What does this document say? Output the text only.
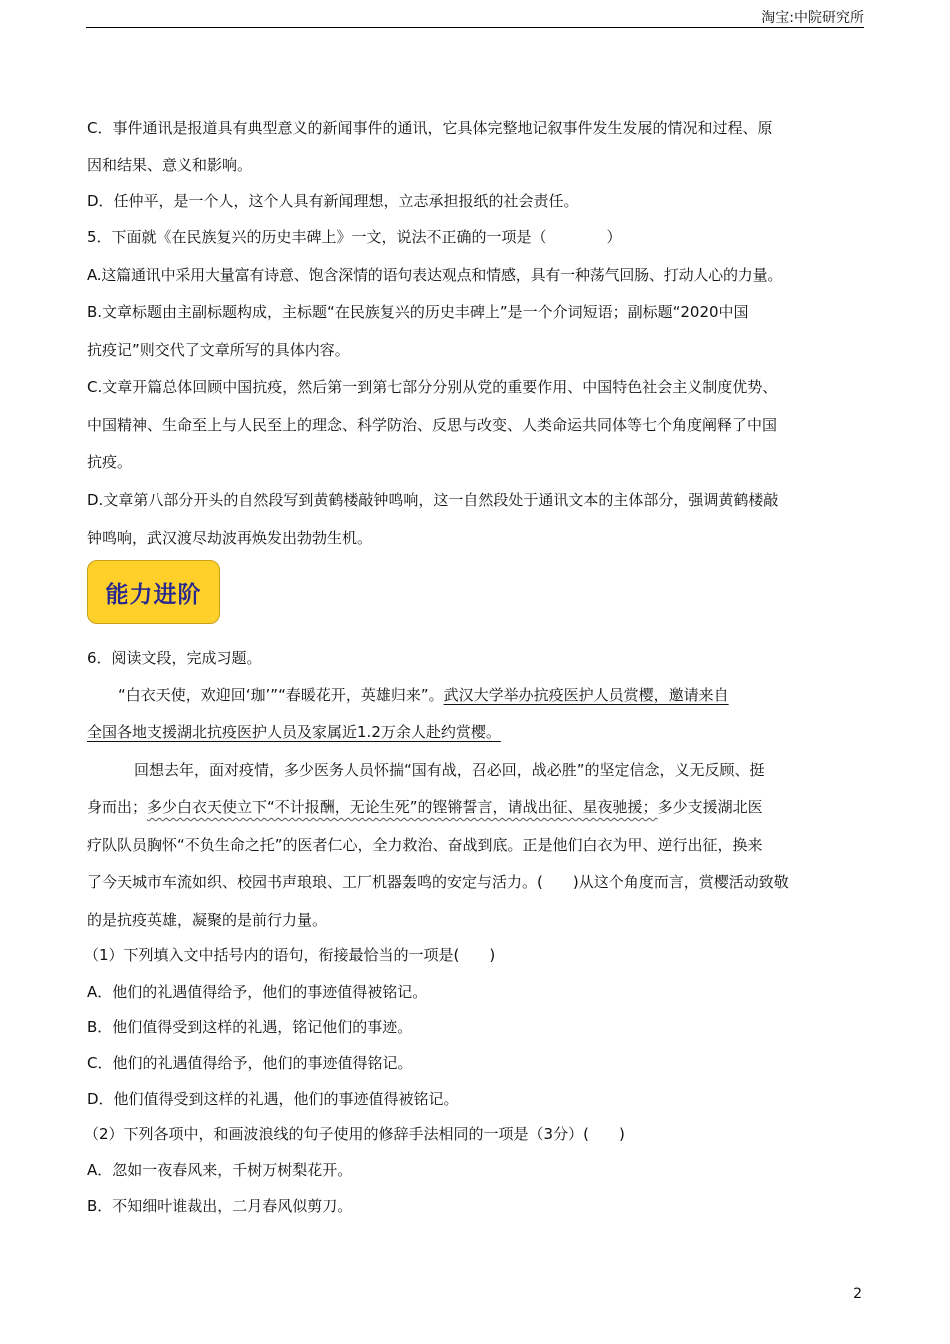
淘宝:中院研究所
C．事件通讯是报道具有典型意义的新闻事件的通讯，它具体完整地记叙事件发生发展的情况和过程、原
因和结果、意义和影响。
D．任仲平，是一个人，这个人具有新闻理想，立志承担报纸的社会责任。
5．下面就《在民族复兴的历史丰碑上》一文，说法不正确的一项是（　　　　）
A.这篇通讯中采用大量富有诗意、饱含深情的语句表达观点和情感，具有一种荡气回肠、打动人心的力量。
B.文章标题由主副标题构成，主标题“在民族复兴的历史丰碑上”是一个介词短语；副标题“2020中国
抗疫记”则交代了文章所写的具体内容。
C.文章开篇总体回顾中国抗疫，然后第一到第七部分分别从党的重要作用、中国特色社会主义制度优势、
中国精神、生命至上与人民至上的理念、科学防治、反思与改变、人类命运共同体等七个角度阐释了中国
抗疫。
D.文章第八部分开头的自然段写到黄鹤楼敲钟鸣响，这一自然段处于通讯文本的主体部分，强调黄鹤楼敲
钟鸣响，武汉渡尽劫波再焕发出勃勃生机。
能力进阶
6．阅读文段，完成习题。
“白衣天使，欢迎回‘珈’”“春暖花开，英雄归来”。武汉大学举办抗疫医护人员赏樱，邀请来自
全国各地支援湖北抗疫医护人员及家属近1.2万余人赴约赏樱。
回想去年，面对疫情，多少医务人员怀揣“国有战，召必回，战必胜”的坚定信念，义无反顾、挺
身而出；多少白衣天使立下“不计报酬，无论生死”的铿锵誓言，请战出征、星夜驰援；多少支援湖北医
疗队队员胸怀“不负生命之托”的医者仁心，全力救治、奋战到底。正是他们白衣为甲、逆行出征，换来
了今天城市车流如织、校园书声琅琅、工厂机器轰鸣的安定与活力。(　　)从这个角度而言，赏樱活动致敬
的是抗疫英雄，凝聚的是前行力量。
（1）下列填入文中括号内的语句，衔接最恰当的一项是(　　)
A．他们的礼遇值得给予，他们的事迹值得被铭记。
B．他们值得受到这样的礼遇，铭记他们的事迹。
C．他们的礼遇值得给予，他们的事迹值得铭记。
D．他们值得受到这样的礼遇，他们的事迹值得被铭记。
（2）下列各项中，和画波浪线的句子使用的修辞手法相同的一项是（3分）(　　)
A．忽如一夜春风来，千树万树梨花开。
B．不知细叶谁裁出，二月春风似剪刀。
2
